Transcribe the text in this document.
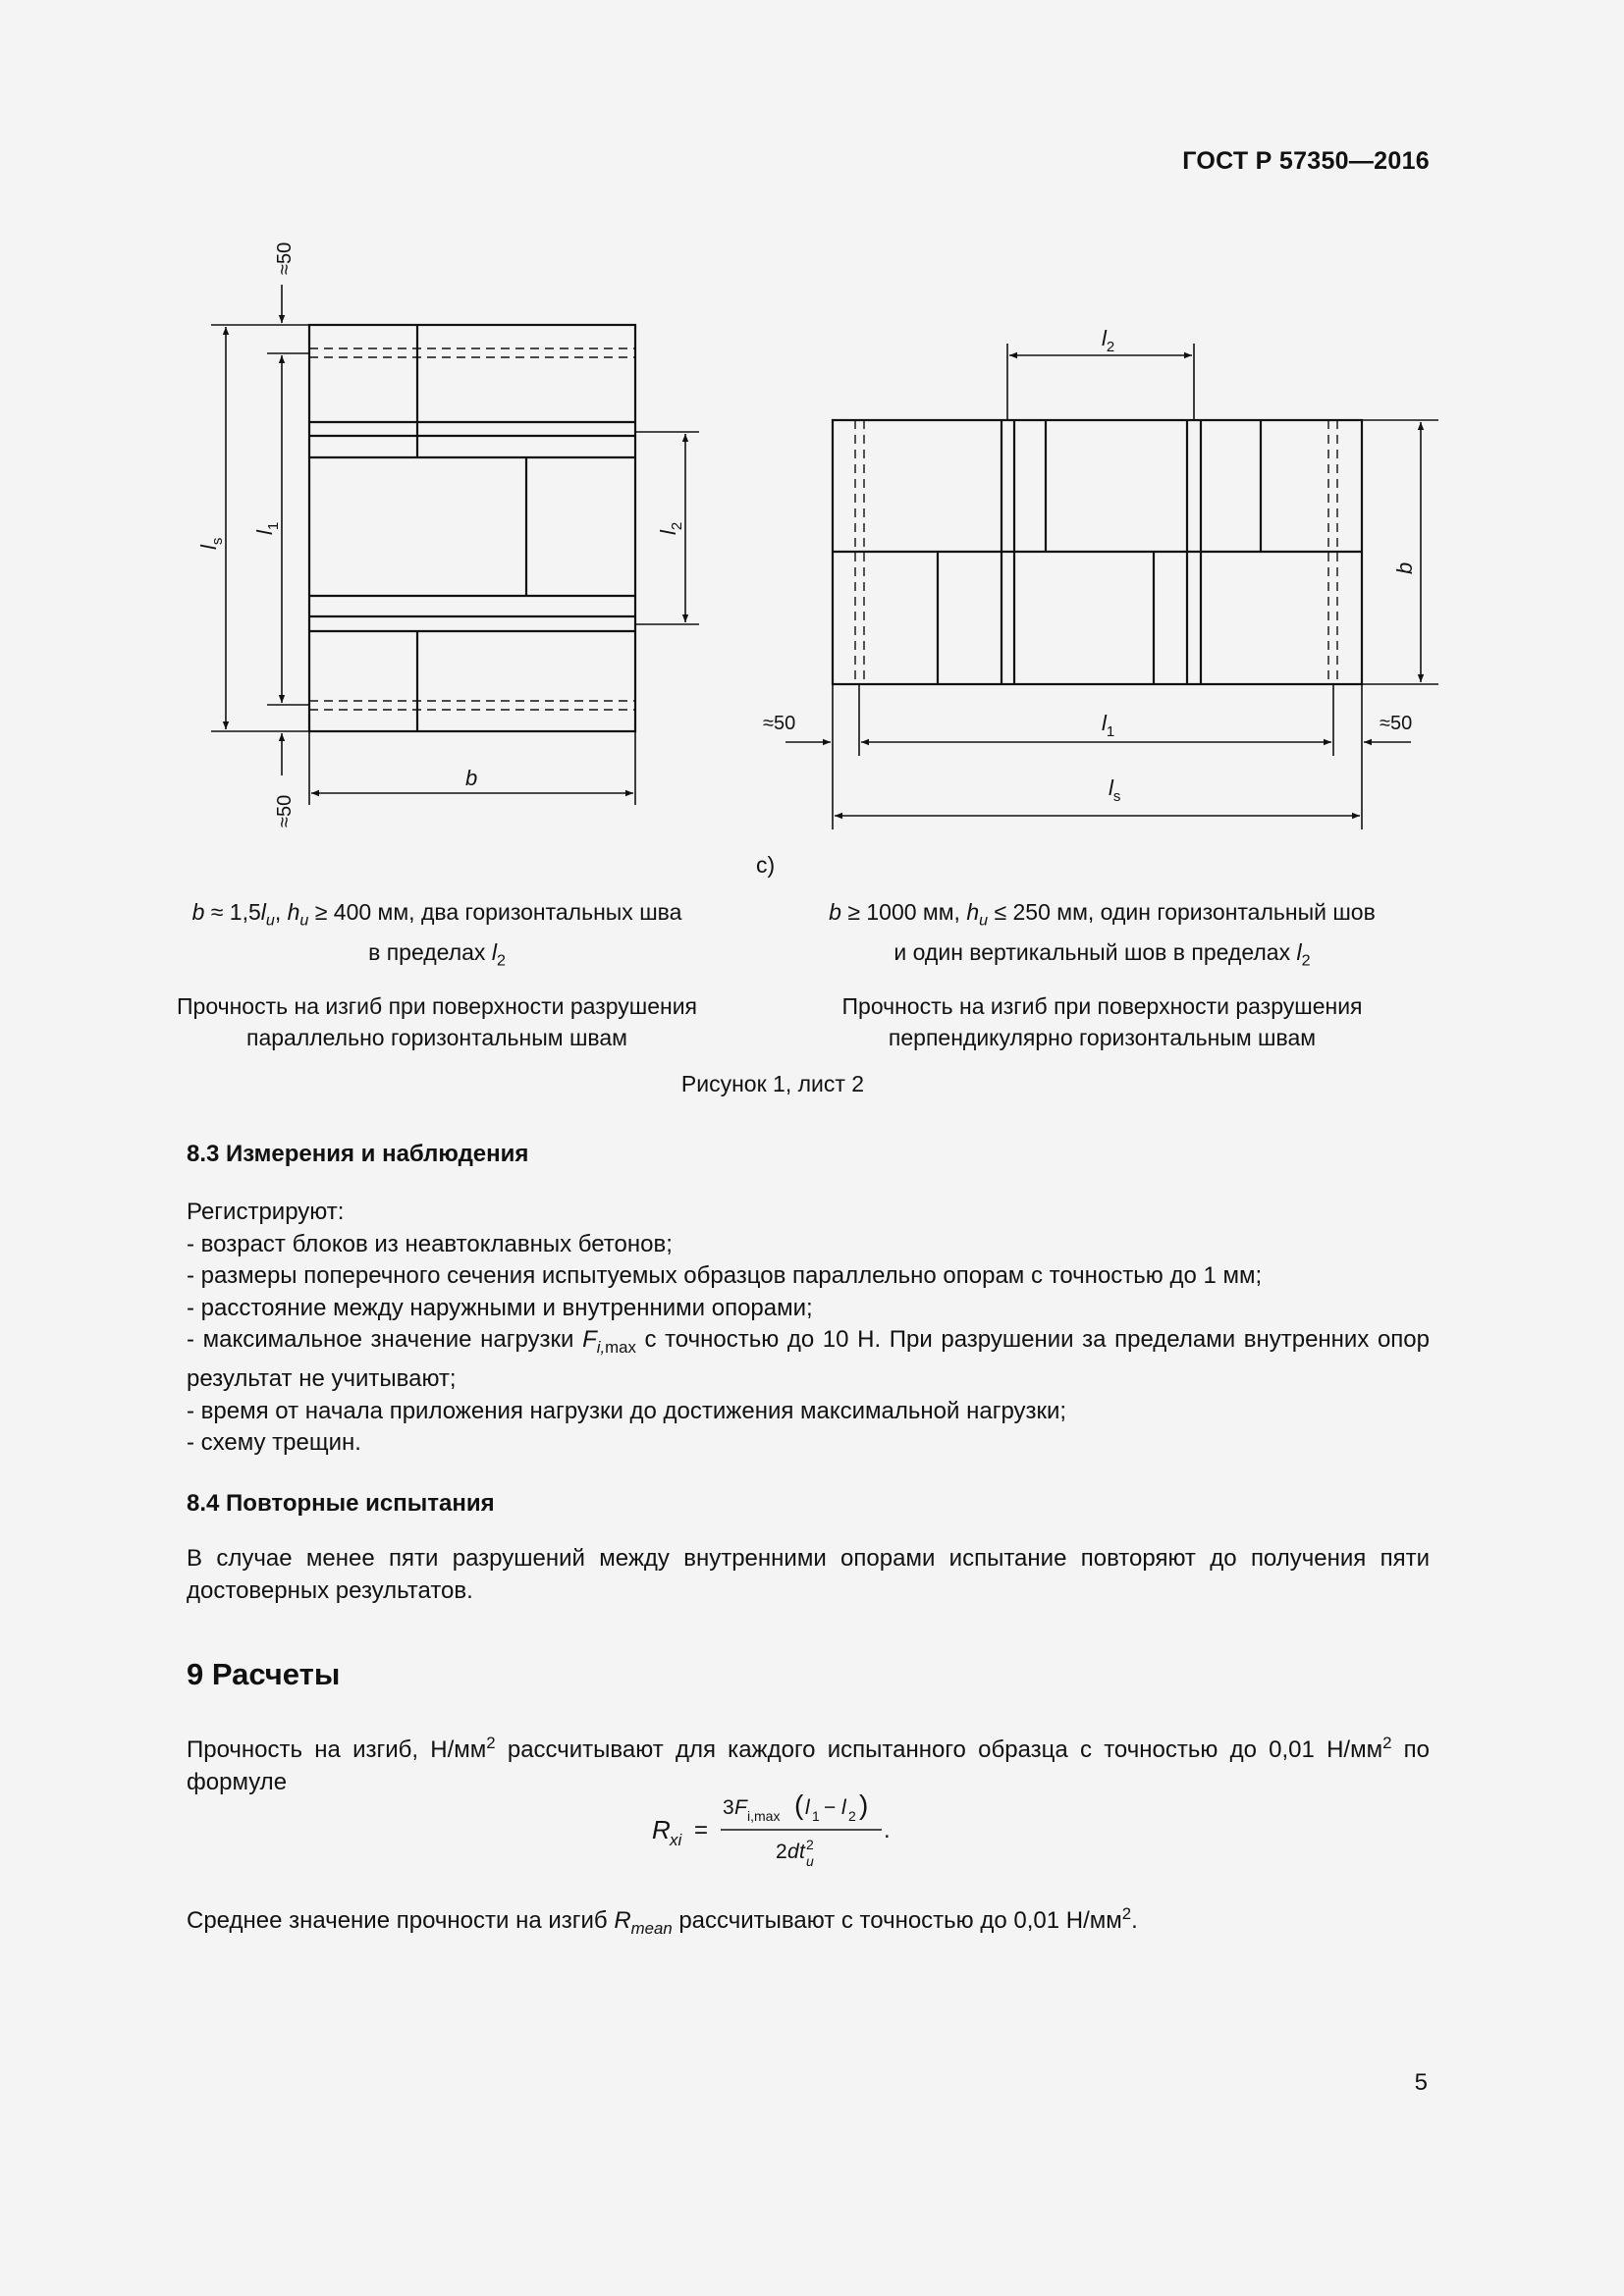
ГОСТ Р 57350—2016
≈50
≈50
$l_s$
$l_1$
$l_2$
b
$l_2$
b
≈50	≈50
$l_1$
$l_s$
c)
$b \approx 1,5l_u$, $h_u \ge 400$ мм, два горизонтальных шва
в пределах $l_2$
b ≥ 1000 мм, $h_u \le 250$ мм, один горизонтальный шов
и один вертикальный шов в пределах $l_2$
Прочность на изгиб при поверхности разрушения
параллельно горизонтальным швам
Прочность на изгиб при поверхности разрушения
перпендикулярно горизонтальным швам
Рисунок 1, лист 2
8.3 Измерения и наблюдения
Регистрируют:
- возраст блоков из неавтоклавных бетонов;
- размеры поперечного сечения испытуемых образцов параллельно опорам с точностью до 1 мм;
- расстояние между наружными и внутренними опорами;
- максимальное значение нагрузки $F_{i,max}$ с точностью до 10 Н. При разрушении за пределами внутренних опор результат не учитывают;
- время от начала приложения нагрузки до достижения максимальной нагрузки;
- схему трещин.
8.4 Повторные испытания
В случае менее пяти разрушений между внутренними опорами испытание повторяют до получения пяти достоверных результатов.
9 Расчеты
Прочность на изгиб, $Н/мм^2$ рассчитывают для каждого испытанного образца с точностью до 0,01 $Н/мм^2$ по формуле
R xi =
3 F i,max ( l 1 − l 2 )
2 d t 2
u
.
Среднее значение прочности на изгиб $R_{mean}$ рассчитывают с точностью до 0,01 $Н/мм^2$.
5
